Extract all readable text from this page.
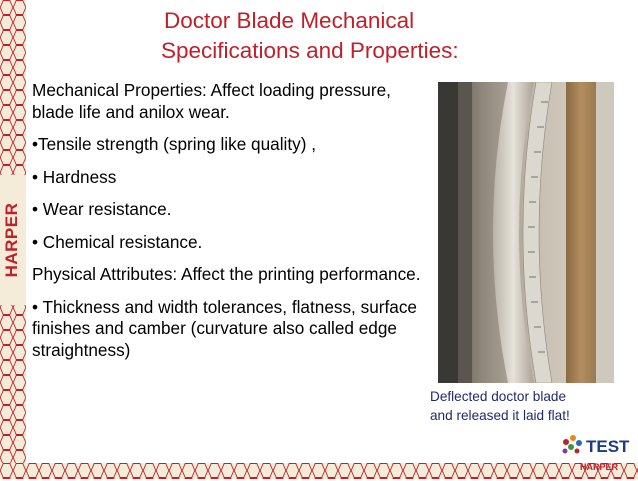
HARPER
Doctor Blade Mechanical
Specifications and Properties:

Mechanical Properties: Affect loading pressure, blade life and anilox wear.

•Tensile strength (spring like quality) ,

• Hardness

• Wear resistance.

• Chemical resistance.

Physical Attributes: Affect the printing performance.

• Thickness and width tolerances, flatness, surface finishes and camber (curvature also called edge straightness)

Deflected doctor blade
and released it laid flat!
TEST
HARPER
